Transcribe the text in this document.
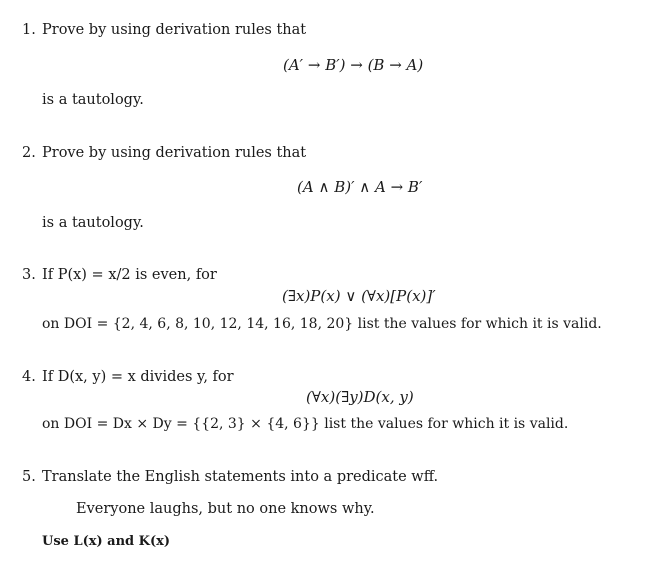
1. Prove by using derivation rules that
(A′ → B′) → (B → A)
is a tautology.
2. Prove by using derivation rules that
(A ∧ B)′ ∧ A → B′
is a tautology.
3. If P(x) = x/2 is even, for
(∃x)P(x) ∨ (∀x)[P(x)]′
on DOI = {2, 4, 6, 8, 10, 12, 14, 16, 18, 20} list the values for which it is valid.
4. If D(x, y) = x divides y, for
(∀x)(∃y)D(x, y)
on DOI = Dx × Dy = {{2, 3} × {4, 6}} list the values for which it is valid.
5. Translate the English statements into a predicate wff.
Everyone laughs, but no one knows why.
Use L(x) and K(x)
